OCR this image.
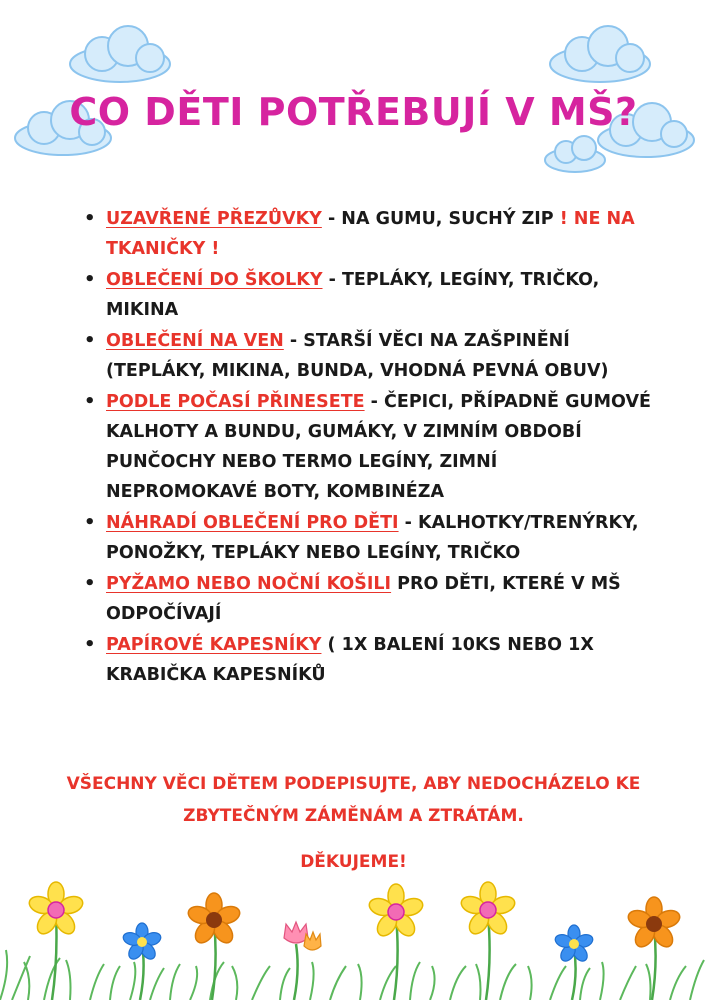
CO DĚTI POTŘEBUJÍ V MŠ?
• UZAVŘENÉ PŘEZŮVKY - NA GUMU, SUCHÝ ZIP ! NE NA TKANIČKY !
• OBLEČENÍ DO ŠKOLKY - TEPLÁKY, LEGÍNY, TRIČKO, MIKINA
• OBLEČENÍ NA VEN - STARŠÍ VĚCI NA ZAŠPINĚNÍ (TEPLÁKY, MIKINA, BUNDA, VHODNÁ PEVNÁ OBUV)
• PODLE POČASÍ PŘINESETE - ČEPICI, PŘÍPADNĚ GUMOVÉ KALHOTY A BUNDU, GUMÁKY, V ZIMNÍM OBDOBÍ PUNČOCHY NEBO TERMO LEGÍNY, ZIMNÍ NEPROMOKAVÉ BOTY, KOMBINÉZA
• NÁHRADÍ OBLEČENÍ PRO DĚTI - KALHOTKY/TRENÝRKY, PONOŽKY, TEPLÁKY NEBO LEGÍNY, TRIČKO
• PYŽAMO NEBO NOČNÍ KOŠILI PRO DĚTI, KTERÉ V MŠ ODPOČÍVAJÍ
• PAPÍROVÉ KAPESNÍKY ( 1X BALENÍ 10KS NEBO 1X KRABIČKA KAPESNÍKŮ

VŠECHNY VĚCI DĚTEM PODEPISUJTE, ABY NEDOCHÁZELO KE ZBYTEČNÝM ZÁMĚNÁM A ZTRÁTÁM.

DĚKUJEME!
